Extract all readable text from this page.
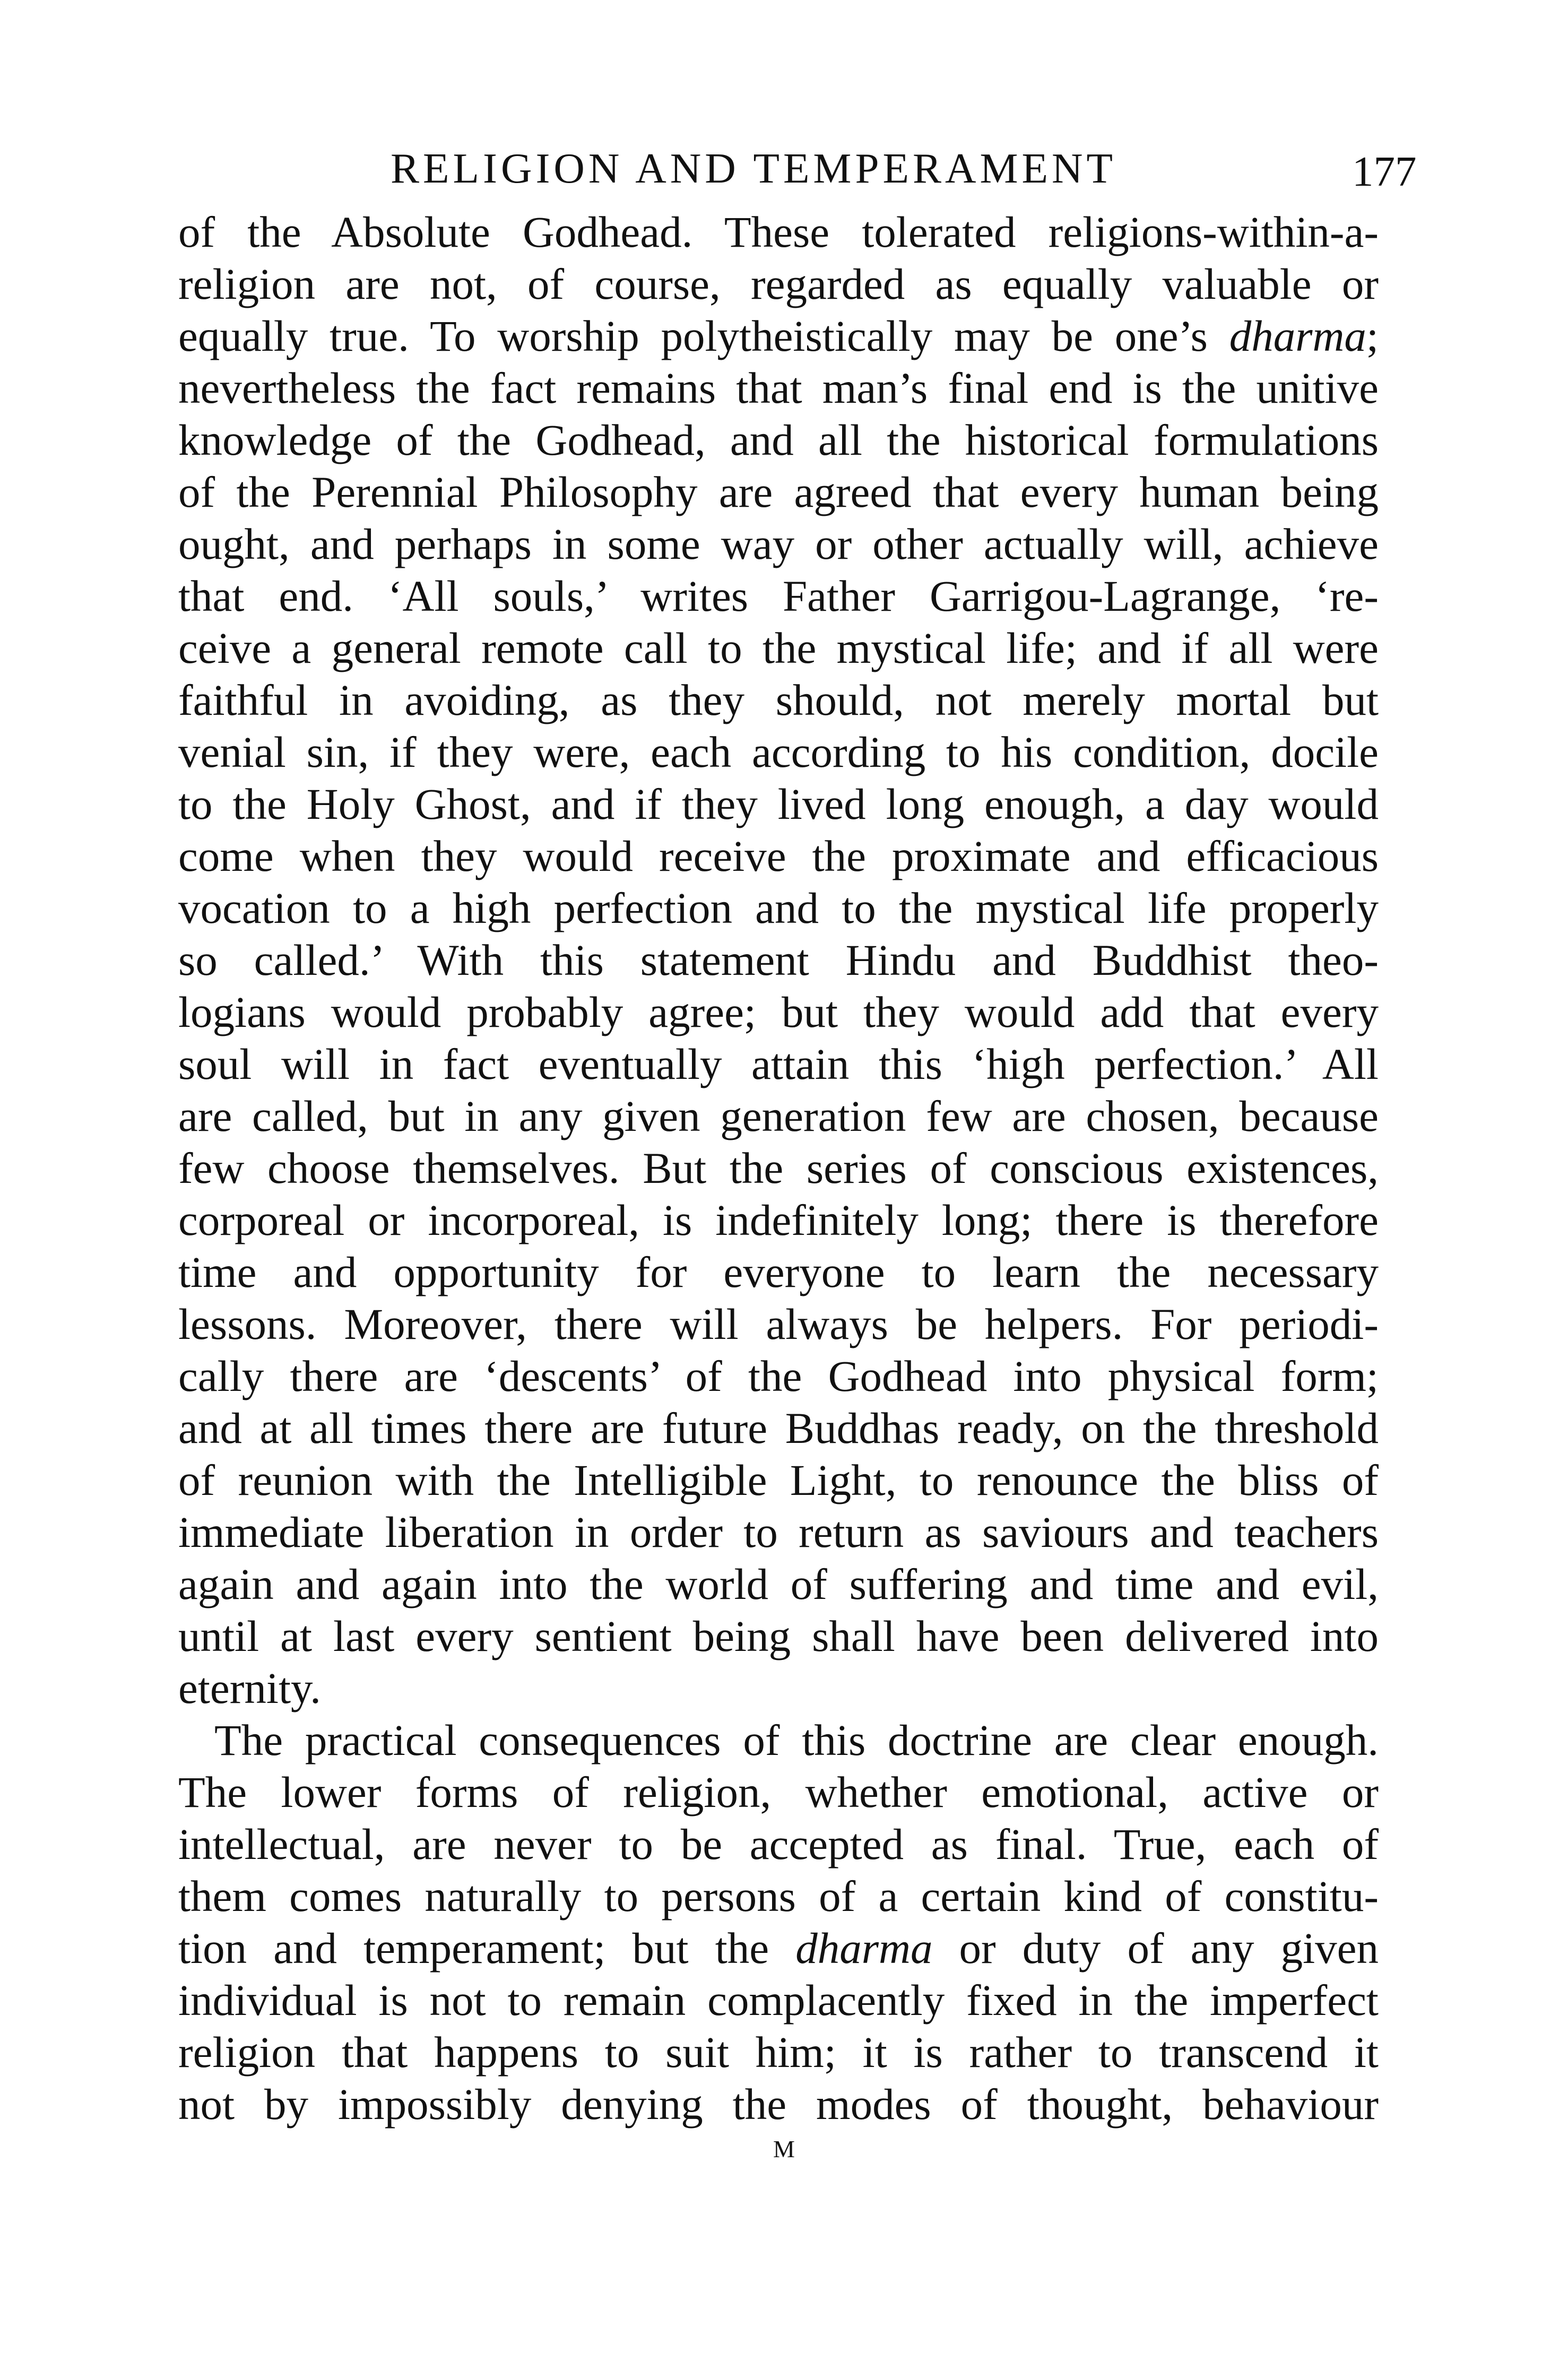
RELIGION AND TEMPERAMENT	177
of the Absolute Godhead. These tolerated religions-within-a-
religion are not, of course, regarded as equally valuable or
equally true. To worship polytheistically may be one’s dharma;
nevertheless the fact remains that man’s final end is the unitive
knowledge of the Godhead, and all the historical formulations
of the Perennial Philosophy are agreed that every human being
ought, and perhaps in some way or other actually will, achieve
that end. ‘All souls,’ writes Father Garrigou-Lagrange, ‘re-
ceive a general remote call to the mystical life; and if all were
faithful in avoiding, as they should, not merely mortal but
venial sin, if they were, each according to his condition, docile
to the Holy Ghost, and if they lived long enough, a day would
come when they would receive the proximate and efficacious
vocation to a high perfection and to the mystical life properly
so called.’ With this statement Hindu and Buddhist theo-
logians would probably agree; but they would add that every
soul will in fact eventually attain this ‘high perfection.’ All
are called, but in any given generation few are chosen, because
few choose themselves. But the series of conscious existences,
corporeal or incorporeal, is indefinitely long; there is therefore
time and opportunity for everyone to learn the necessary
lessons. Moreover, there will always be helpers. For periodi-
cally there are ‘descents’ of the Godhead into physical form;
and at all times there are future Buddhas ready, on the threshold
of reunion with the Intelligible Light, to renounce the bliss of
immediate liberation in order to return as saviours and teachers
again and again into the world of suffering and time and evil,
until at last every sentient being shall have been delivered into
eternity.
The practical consequences of this doctrine are clear enough.
The lower forms of religion, whether emotional, active or
intellectual, are never to be accepted as final. True, each of
them comes naturally to persons of a certain kind of constitu-
tion and temperament; but the dharma or duty of any given
individual is not to remain complacently fixed in the imperfect
religion that happens to suit him; it is rather to transcend it
not by impossibly denying the modes of thought, behaviour
M
